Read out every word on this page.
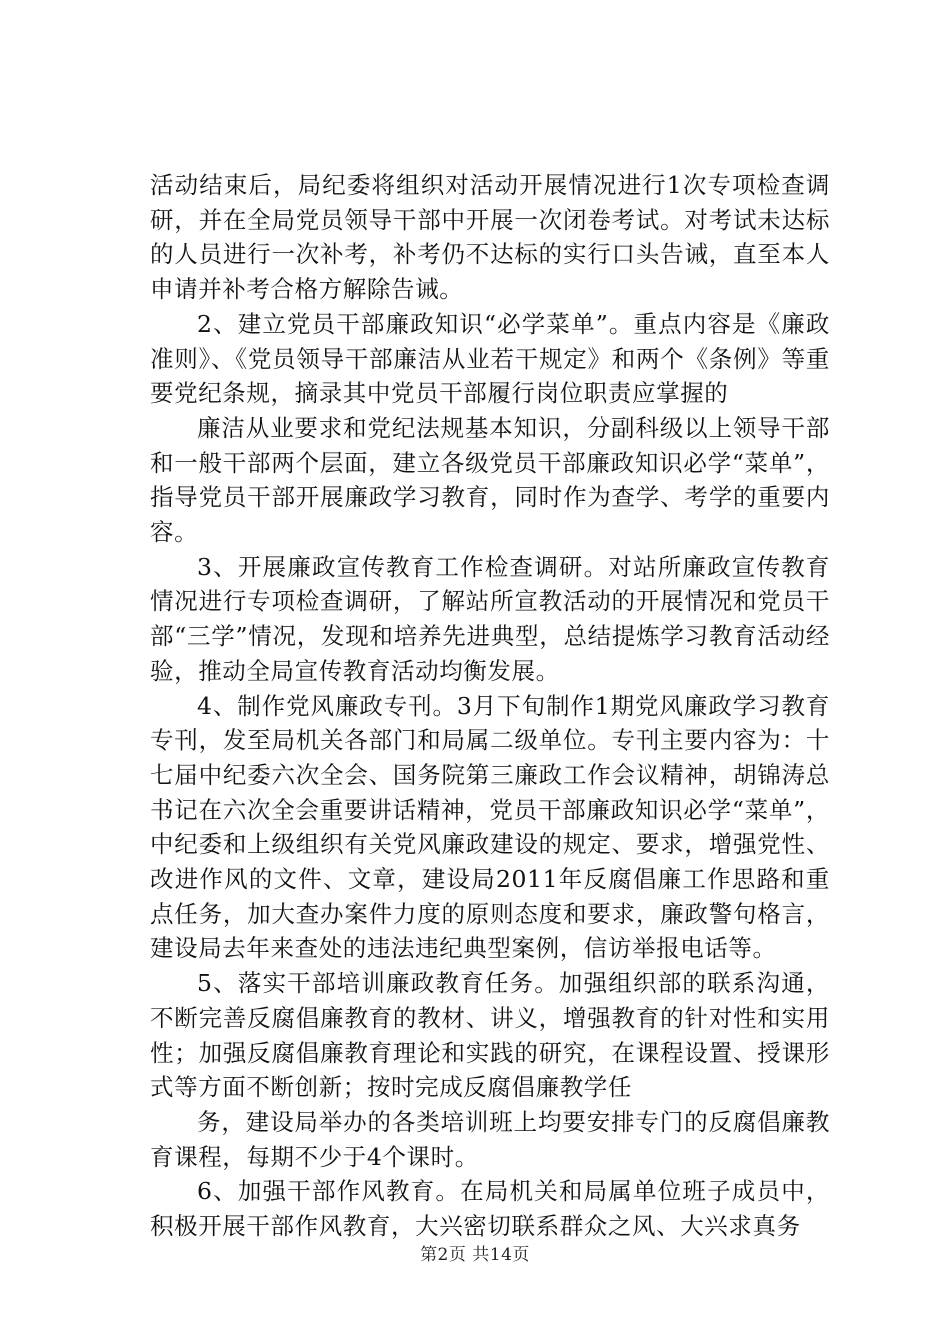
活动结束后，局纪委将组织对活动开展情况进行1次专项检查调研，并在全局党员领导干部中开展一次闭卷考试。对考试未达标的人员进行一次补考，补考仍不达标的实行口头告诫，直至本人申请并补考合格方解除告诫。

2、建立党员干部廉政知识“必学菜单”。重点内容是《廉政准则》、《党员领导干部廉洁从业若干规定》和两个《条例》等重要党纪条规，摘录其中党员干部履行岗位职责应掌握的

廉洁从业要求和党纪法规基本知识，分副科级以上领导干部和一般干部两个层面，建立各级党员干部廉政知识必学“菜单”，指导党员干部开展廉政学习教育，同时作为查学、考学的重要内容。

3、开展廉政宣传教育工作检查调研。对站所廉政宣传教育情况进行专项检查调研，了解站所宣教活动的开展情况和党员干部“三学”情况，发现和培养先进典型，总结提炼学习教育活动经验，推动全局宣传教育活动均衡发展。

4、制作党风廉政专刊。3月下旬制作1期党风廉政学习教育专刊，发至局机关各部门和局属二级单位。专刊主要内容为：十七届中纪委六次全会、国务院第三廉政工作会议精神，胡锦涛总书记在六次全会重要讲话精神，党员干部廉政知识必学“菜单”，中纪委和上级组织有关党风廉政建设的规定、要求，增强党性、改进作风的文件、文章，建设局2011年反腐倡廉工作思路和重点任务，加大查办案件力度的原则态度和要求，廉政警句格言，建设局去年来查处的违法违纪典型案例，信访举报电话等。

5、落实干部培训廉政教育任务。加强组织部的联系沟通，不断完善反腐倡廉教育的教材、讲义，增强教育的针对性和实用性；加强反腐倡廉教育理论和实践的研究，在课程设置、授课形式等方面不断创新；按时完成反腐倡廉教学任

务，建设局举办的各类培训班上均要安排专门的反腐倡廉教育课程，每期不少于4个课时。

6、加强干部作风教育。在局机关和局属单位班子成员中，积极开展干部作风教育，大兴密切联系群众之风、大兴求真务

第2页 共14页
